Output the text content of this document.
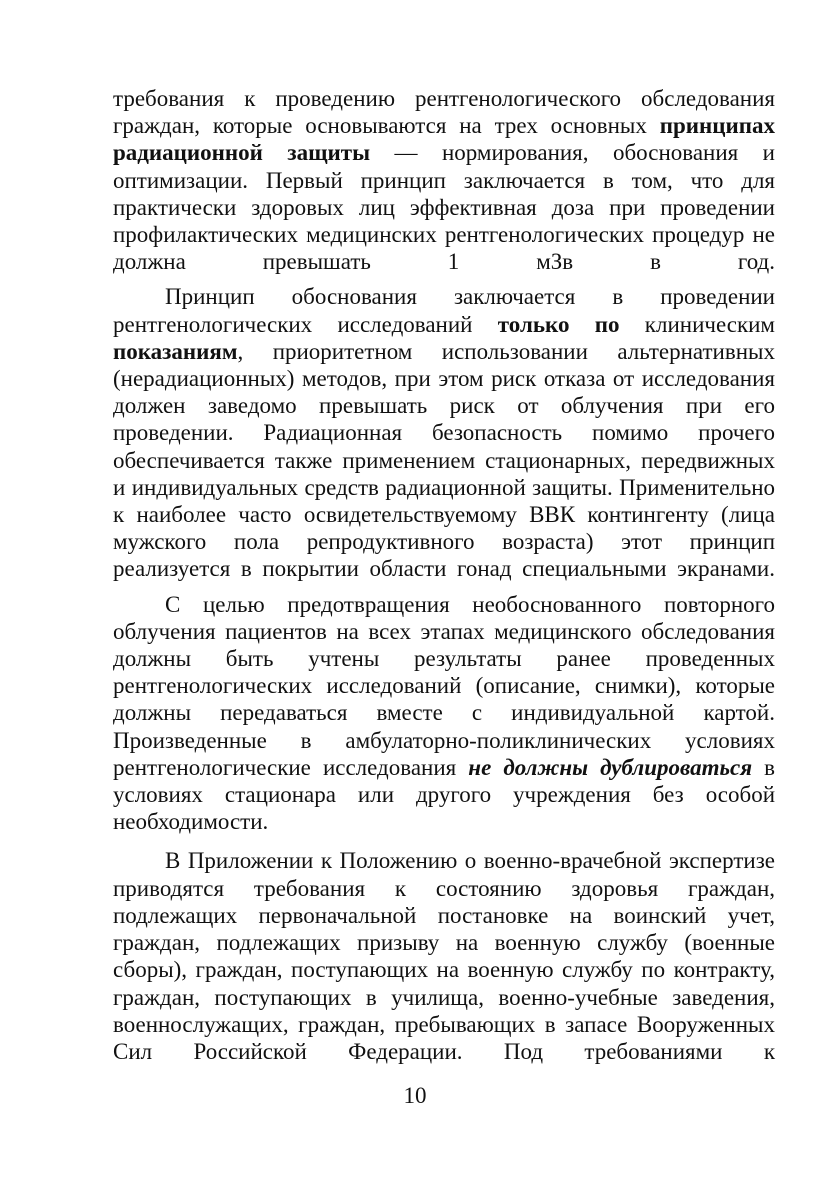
требования к проведению рентгенологического обследования граждан, которые основываются на трех основных принципах радиационной защиты — нормирования, обоснования и оптимизации. Первый принцип заключается в том, что для практически здоровых лиц эффективная доза при проведении профилактических медицинских рентгенологических процедур не должна превышать 1 мЗв в год.

Принцип обоснования заключается в проведении рентгенологических исследований только по клиническим показаниям, приоритетном использовании альтернативных (нерадиационных) методов, при этом риск отказа от исследования должен заведомо превышать риск от облучения при его проведении. Радиационная безопасность помимо прочего обеспечивается также применением стационарных, передвижных и индивидуальных средств радиационной защиты. Применительно к наиболее часто освидетельствуемому ВВК контингенту (лица мужского пола репродуктивного возраста) этот принцип реализуется в покрытии области гонад специальными экранами.

С целью предотвращения необоснованного повторного облучения пациентов на всех этапах медицинского обследования должны быть учтены результаты ранее проведенных рентгенологических исследований (описание, снимки), которые должны передаваться вместе с индивидуальной картой. Произведенные в амбулаторно-поликлинических условиях рентгенологические исследования не должны дублироваться в условиях стационара или другого учреждения без особой необходимости.

В Приложении к Положению о военно-врачебной экспертизе приводятся требования к состоянию здоровья граждан, подлежащих первоначальной постановке на воинский учет, граждан, подлежащих призыву на военную службу (военные сборы), граждан, поступающих на военную службу по контракту, граждан, поступающих в училища, военно-учебные заведения, военнослужащих, граждан, пребывающих в запасе Вооруженных Сил Российской Федерации. Под требованиями к

10
